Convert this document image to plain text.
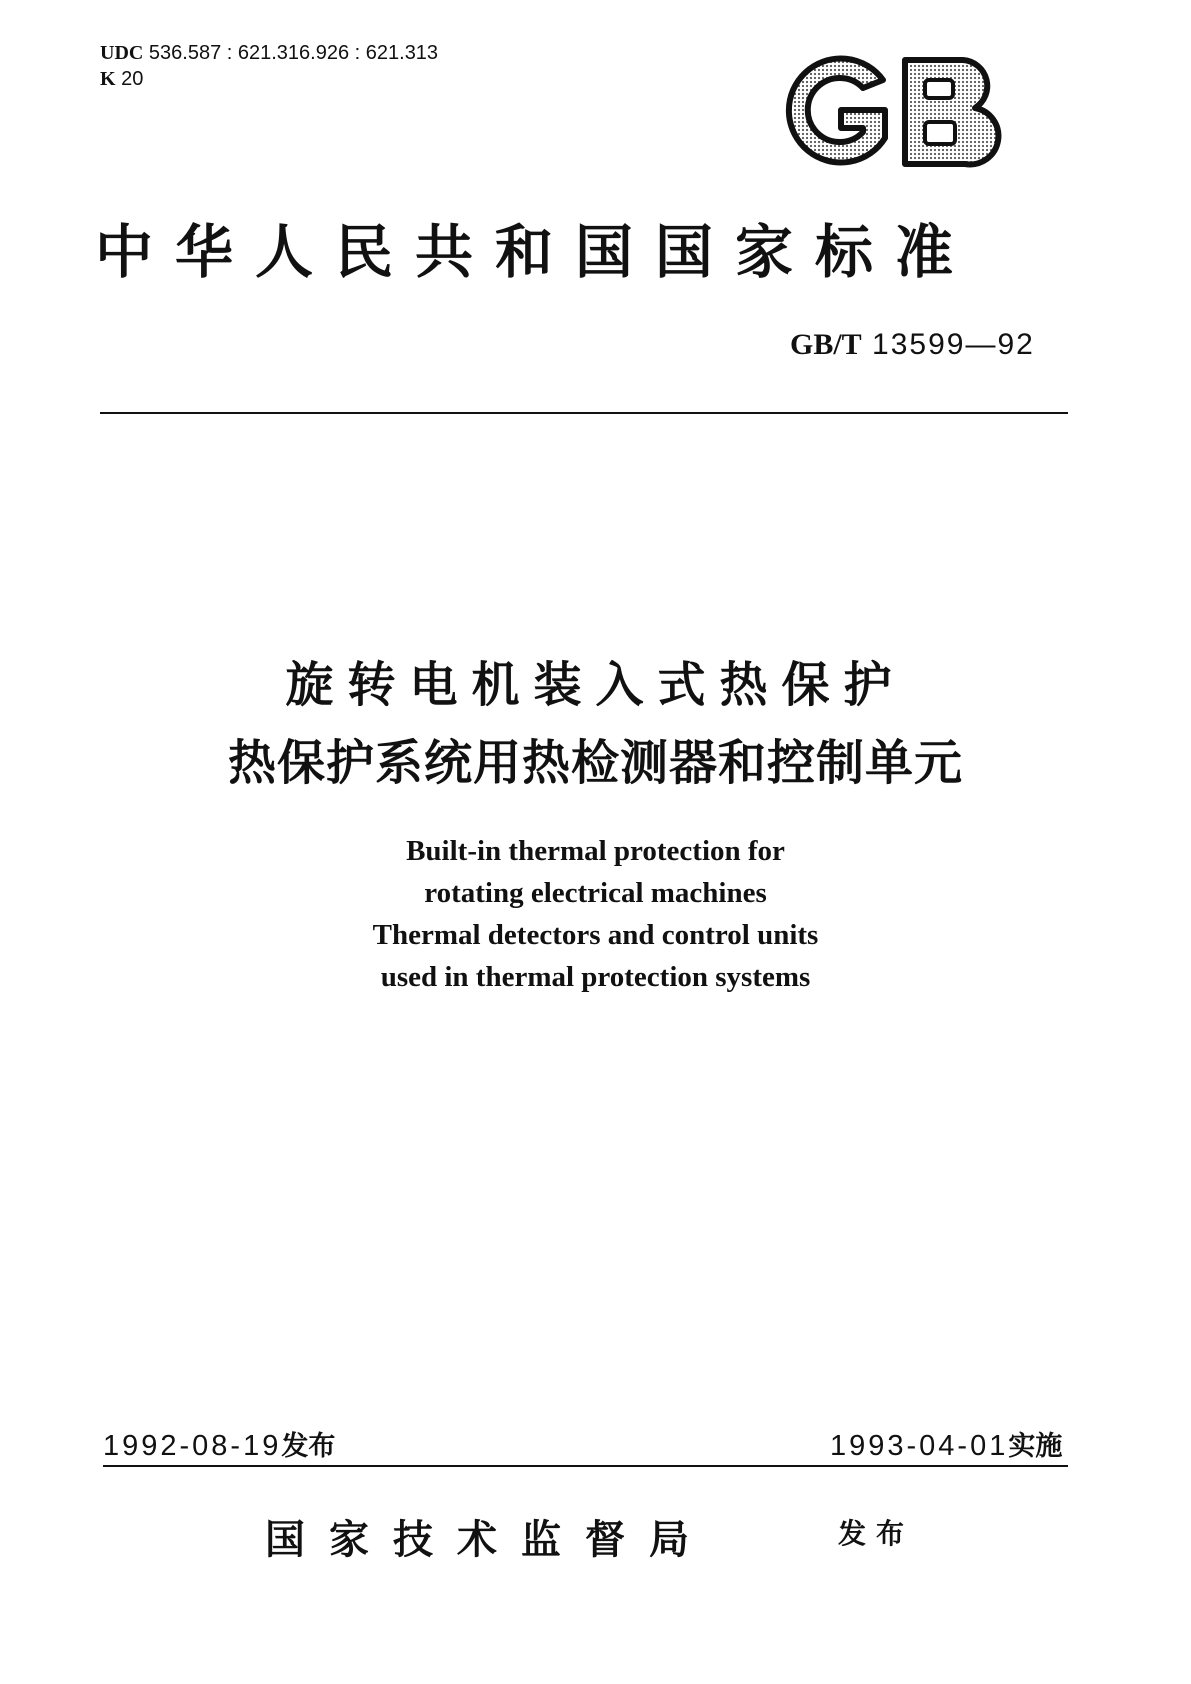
UDC 536.587 : 621.316.926 : 621.313
K 20
中华人民共和国国家标准
GB/T 13599—92
旋转电机装入式热保护
热保护系统用热检测器和控制单元
Built-in thermal protection for
rotating electrical machines
Thermal detectors and control units
used in thermal protection systems
1992-08-19发布	1993-04-01实施
国家技术监督局	发布
